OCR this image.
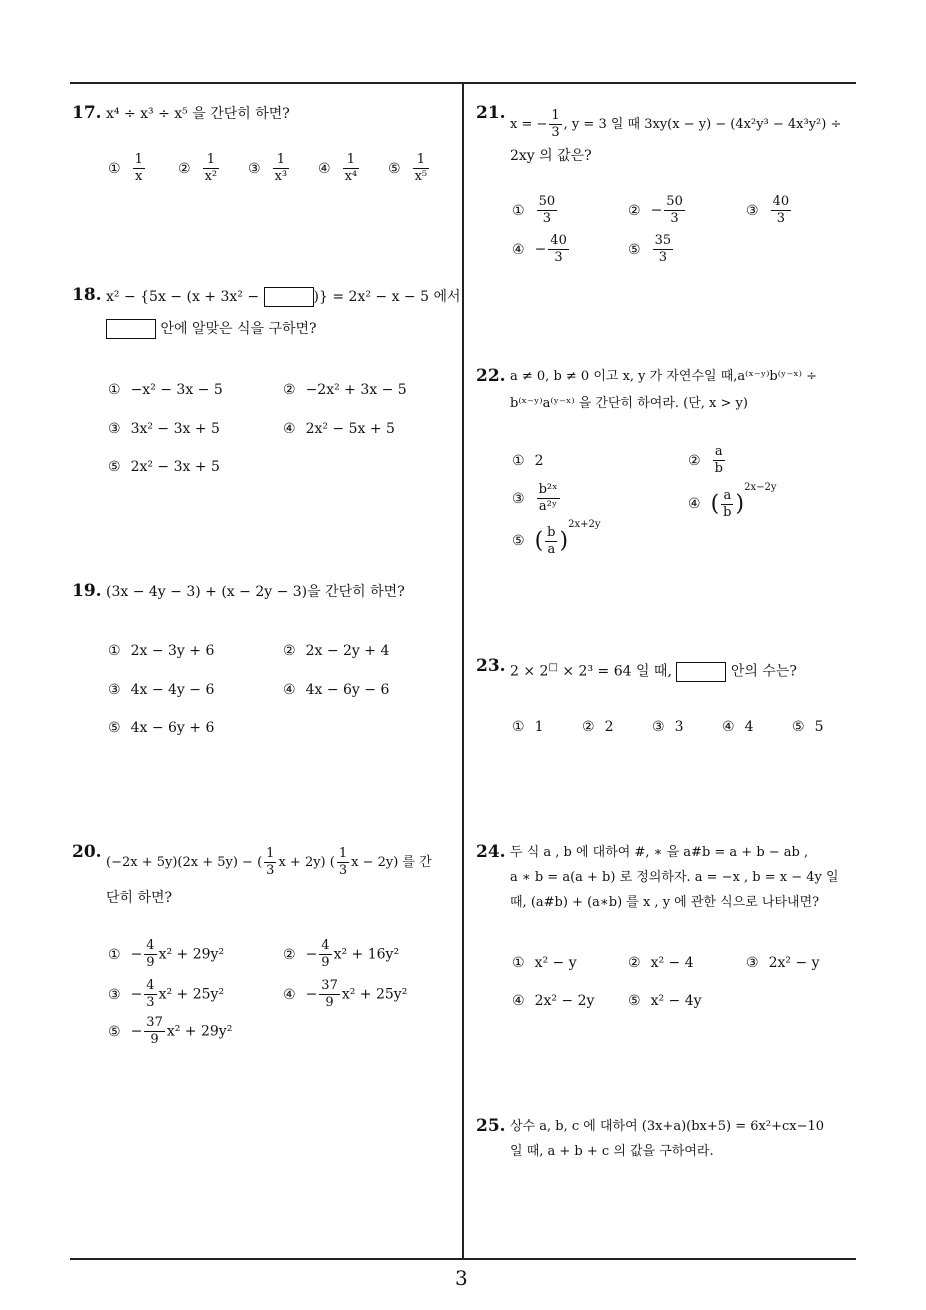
17. x⁴ ÷ x³ ÷ x⁵ 을 간단히 하면?
① $\frac{1}{x}$ ② $\frac{1}{\text{x²}}$ ③ $\frac{1}{\text{x³}}$ ④ $\frac{1}{\text{x⁴}}$ ⑤ $\frac{1}{\text{x⁵}}$
18. x² − {5x − (x + 3x² −	)} = 2x² − x − 5 에서
안에 알맞은 식을 구하면?
① −x² − 3x − 5	② −2x² + 3x − 5
③ 3x² − 3x + 5	④ 2x² − 5x + 5
⑤ 2x² − 3x + 5
19. (3x − 4y − 3) + (x − 2y − 3)을 간단히 하면?
① 2x − 3y + 6	② 2x − 2y + 4
③ 4x − 4y − 6	④ 4x − 6y − 6
⑤ 4x − 6y + 6
20.
(−2x + 5y)(2x + 5y) − ( $\frac{1}{3}$ x + 2y) ( $\frac{1}{3}$ x − 2y) 를 간
단히 하면?
① − $\frac{4}{9} x^2 + 29y^2$	② − $\frac{4}{9} x^2 + 16y^2$
③ − $\frac{4}{3} x^2 + 25y^2$	④ − $\frac{37}{9} x^2 + 25y^2$
⑤ − $\frac{37}{9} x^2 + 29y^2$
21.
x = − $\frac{1}{3}$ , y = 3 일 때 3xy(x − y) − (4x²y³ − 4x³y²) ÷
2xy 의 값은?
① $\frac{50}{3}$	② − $\frac{50}{3}$	③ $\frac{40}{3}$
④ − $\frac{40}{3}$	⑤ $\frac{35}{3}$
22. a ≠ 0, b ≠ 0 이고 x, y 가 자연수일 때,a⁽ˣ⁻ʸ⁾b⁽ʸ⁻ˣ⁾ ÷
b⁽ˣ⁻ʸ⁾a⁽ʸ⁻ˣ⁾ 을 간단히 하여라. (단, x > y)
① 2	② $\frac{a}{b}$
③ $\frac{\text{b²ˣ}}{\text{a²ʸ}}$	④ ( $\frac{a}{b} )^{2x-2y}$
⑤ ( $\frac{b}{a} )^{2x+2y}$
23. 2 × 2□ × 2³ = 64 일 때,	안의 수는?
① 1	② 2	③ 3	④ 4	⑤ 5
24. 두 식 a , b 에 대하여 #, ∗ 을 a#b = a + b − ab ,
a ∗ b = a(a + b) 로 정의하자. a = −x , b = x − 4y 일
때, (a#b) + (a∗b) 를 x , y 에 관한 식으로 나타내면?
① x² − y	② x² − 4	③ 2x² − y
④ 2x² − 2y ⑤ x² − 4y
25. 상수 a, b, c 에 대하여 (3x+a)(bx+5) = 6x²+cx−10
일 때, a + b + c 의 값을 구하여라.
3
